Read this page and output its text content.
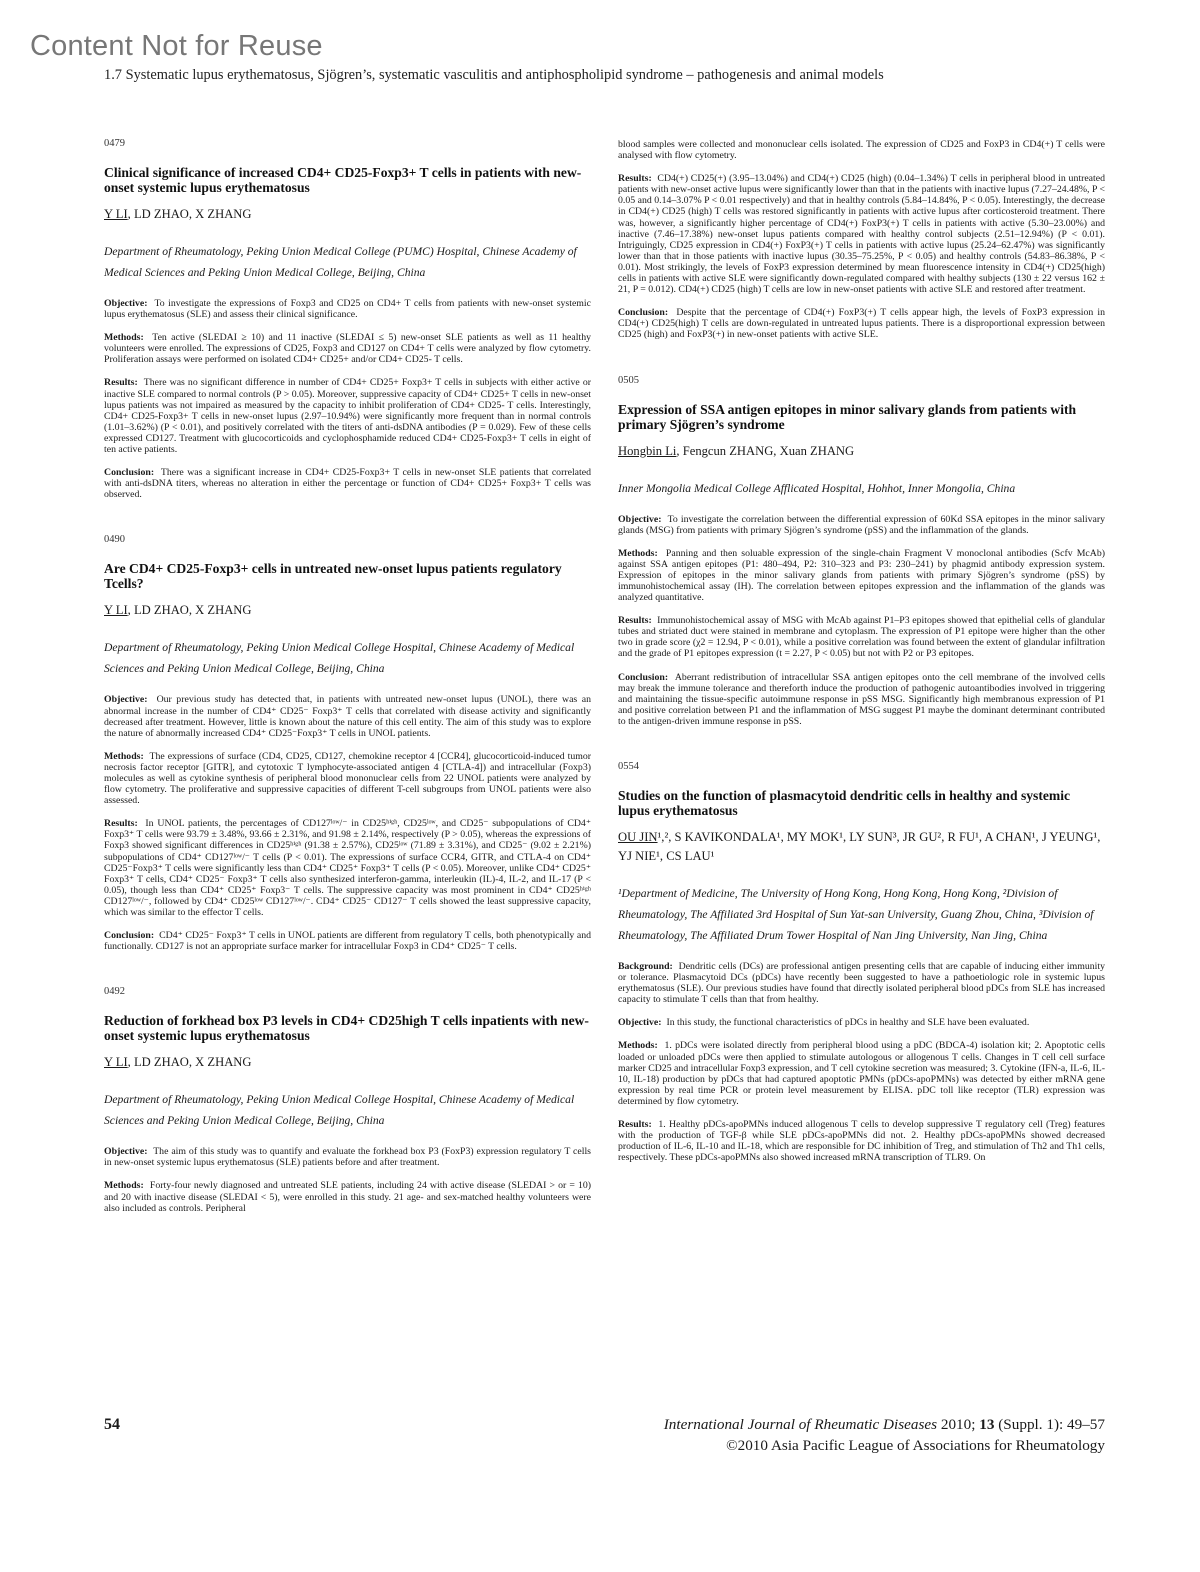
Content Not for Reuse
1.7 Systematic lupus erythematosus, Sjögren’s, systematic vasculitis and antiphospholipid syndrome – pathogenesis and animal models

0479

Clinical significance of increased CD4+ CD25-Foxp3+ T cells in patients with new-onset systemic lupus erythematosus

Y LI, LD ZHAO, X ZHANG

Department of Rheumatology, Peking Union Medical College (PUMC) Hospital, Chinese Academy of Medical Sciences and Peking Union Medical College, Beijing, China

Objective: To investigate the expressions of Foxp3 and CD25 on CD4+ T cells from patients with new-onset systemic lupus erythematosus (SLE) and assess their clinical significance.

Methods: Ten active (SLEDAI ≥ 10) and 11 inactive (SLEDAI ≤ 5) new-onset SLE patients as well as 11 healthy volunteers were enrolled. The expressions of CD25, Foxp3 and CD127 on CD4+ T cells were analyzed by flow cytometry. Proliferation assays were performed on isolated CD4+ CD25+ and/or CD4+ CD25- T cells.

Results: There was no significant difference in number of CD4+ CD25+ Foxp3+ T cells in subjects with either active or inactive SLE compared to normal controls (P > 0.05). Moreover, suppressive capacity of CD4+ CD25+ T cells in new-onset lupus patients was not impaired as measured by the capacity to inhibit proliferation of CD4+ CD25- T cells. Interestingly, CD4+ CD25-Foxp3+ T cells in new-onset lupus (2.97–10.94%) were significantly more frequent than in normal controls (1.01–3.62%) (P < 0.01), and positively correlated with the titers of anti-dsDNA antibodies (P = 0.029). Few of these cells expressed CD127. Treatment with glucocorticoids and cyclophosphamide reduced CD4+ CD25-Foxp3+ T cells in eight of ten active patients.

Conclusion: There was a significant increase in CD4+ CD25-Foxp3+ T cells in new-onset SLE patients that correlated with anti-dsDNA titers, whereas no alteration in either the percentage or function of CD4+ CD25+ Foxp3+ T cells was observed.

0490

Are CD4+ CD25-Foxp3+ cells in untreated new-onset lupus patients regulatory Tcells?

Y LI, LD ZHAO, X ZHANG

Department of Rheumatology, Peking Union Medical College Hospital, Chinese Academy of Medical Sciences and Peking Union Medical College, Beijing, China

Objective: Our previous study has detected that, in patients with untreated new-onset lupus (UNOL), there was an abnormal increase in the number of CD4⁺ CD25⁻ Foxp3⁺ T cells that correlated with disease activity and significantly decreased after treatment. However, little is known about the nature of this cell entity. The aim of this study was to explore the nature of abnormally increased CD4⁺ CD25⁻Foxp3⁺ T cells in UNOL patients.

Methods: The expressions of surface (CD4, CD25, CD127, chemokine receptor 4 [CCR4], glucocorticoid-induced tumor necrosis factor receptor [GITR], and cytotoxic T lymphocyte-associated antigen 4 [CTLA-4]) and intracellular (Foxp3) molecules as well as cytokine synthesis of peripheral blood mononuclear cells from 22 UNOL patients were analyzed by flow cytometry. The proliferative and suppressive capacities of different T-cell subgroups from UNOL patients were also assessed.

Results: In UNOL patients, the percentages of CD127ˡᵒʷ/⁻ in CD25ʰⁱᵍʰ, CD25ˡᵒʷ, and CD25⁻ subpopulations of CD4⁺ Foxp3⁺ T cells were 93.79 ± 3.48%, 93.66 ± 2.31%, and 91.98 ± 2.14%, respectively (P > 0.05), whereas the expressions of Foxp3 showed significant differences in CD25ʰⁱᵍʰ (91.38 ± 2.57%), CD25ˡᵒʷ (71.89 ± 3.31%), and CD25⁻ (9.02 ± 2.21%) subpopulations of CD4⁺ CD127ˡᵒʷ/⁻ T cells (P < 0.01). The expressions of surface CCR4, GITR, and CTLA-4 on CD4⁺ CD25⁻Foxp3⁺ T cells were significantly less than CD4⁺ CD25⁺ Foxp3⁺ T cells (P < 0.05). Moreover, unlike CD4⁺ CD25⁺ Foxp3⁺ T cells, CD4⁺ CD25⁻ Foxp3⁺ T cells also synthesized interferon-gamma, interleukin (IL)-4, IL-2, and IL-17 (P < 0.05), though less than CD4⁺ CD25⁺ Foxp3⁻ T cells. The suppressive capacity was most prominent in CD4⁺ CD25ʰⁱᵍʰ CD127ˡᵒʷ/⁻, followed by CD4⁺ CD25ˡᵒʷ CD127ˡᵒʷ/⁻. CD4⁺ CD25⁻ CD127⁻ T cells showed the least suppressive capacity, which was similar to the effector T cells.

Conclusion: CD4⁺ CD25⁻ Foxp3⁺ T cells in UNOL patients are different from regulatory T cells, both phenotypically and functionally. CD127 is not an appropriate surface marker for intracellular Foxp3 in CD4⁺ CD25⁻ T cells.

0492

Reduction of forkhead box P3 levels in CD4+ CD25high T cells inpatients with new-onset systemic lupus erythematosus

Y LI, LD ZHAO, X ZHANG

Department of Rheumatology, Peking Union Medical College Hospital, Chinese Academy of Medical Sciences and Peking Union Medical College, Beijing, China

Objective: The aim of this study was to quantify and evaluate the forkhead box P3 (FoxP3) expression regulatory T cells in new-onset systemic lupus erythematosus (SLE) patients before and after treatment.

Methods: Forty-four newly diagnosed and untreated SLE patients, including 24 with active disease (SLEDAI > or = 10) and 20 with inactive disease (SLEDAI < 5), were enrolled in this study. 21 age- and sex-matched healthy volunteers were also included as controls. Peripheral

blood samples were collected and mononuclear cells isolated. The expression of CD25 and FoxP3 in CD4(+) T cells were analysed with flow cytometry.

Results: CD4(+) CD25(+) (3.95–13.04%) and CD4(+) CD25 (high) (0.04–1.34%) T cells in peripheral blood in untreated patients with new-onset active lupus were significantly lower than that in the patients with inactive lupus (7.27–24.48%, P < 0.05 and 0.14–3.07% P < 0.01 respectively) and that in healthy controls (5.84–14.84%, P < 0.05). Interestingly, the decrease in CD4(+) CD25 (high) T cells was restored significantly in patients with active lupus after corticosteroid treatment. There was, however, a significantly higher percentage of CD4(+) FoxP3(+) T cells in patients with active (5.30–23.00%) and inactive (7.46–17.38%) new-onset lupus patients compared with healthy control subjects (2.51–12.94%) (P < 0.01). Intriguingly, CD25 expression in CD4(+) FoxP3(+) T cells in patients with active lupus (25.24–62.47%) was significantly lower than that in those patients with inactive lupus (30.35–75.25%, P < 0.05) and healthy controls (54.83–86.38%, P < 0.01). Most strikingly, the levels of FoxP3 expression determined by mean fluorescence intensity in CD4(+) CD25(high) cells in patients with active SLE were significantly down-regulated compared with healthy subjects (130 ± 22 versus 162 ± 21, P = 0.012). CD4(+) CD25 (high) T cells are low in new-onset patients with active SLE and restored after treatment.

Conclusion: Despite that the percentage of CD4(+) FoxP3(+) T cells appear high, the levels of FoxP3 expression in CD4(+) CD25(high) T cells are down-regulated in untreated lupus patients. There is a disproportional expression between CD25 (high) and FoxP3(+) in new-onset patients with active SLE.

0505

Expression of SSA antigen epitopes in minor salivary glands from patients with primary Sjögren’s syndrome

Hongbin Li, Fengcun ZHANG, Xuan ZHANG

Inner Mongolia Medical College Afflicated Hospital, Hohhot, Inner Mongolia, China

Objective: To investigate the correlation between the differential expression of 60Kd SSA epitopes in the minor salivary glands (MSG) from patients with primary Sjögren’s syndrome (pSS) and the inflammation of the glands.

Methods: Panning and then soluable expression of the single-chain Fragment V monoclonal antibodies (Scfv McAb) against SSA antigen epitopes (P1: 480–494, P2: 310–323 and P3: 230–241) by phagmid antibody expression system. Expression of epitopes in the minor salivary glands from patients with primary Sjögren’s syndrome (pSS) by immunohistochemical assay (IH). The correlation between epitopes expression and the inflammation of the glands was analyzed quantitative.

Results: Immunohistochemical assay of MSG with McAb against P1–P3 epitopes showed that epithelial cells of glandular tubes and striated duct were stained in membrane and cytoplasm. The expression of P1 epitope were higher than the other two in grade score (χ2 = 12.94, P < 0.01), while a positive correlation was found between the extent of glandular infiltration and the grade of P1 epitopes expression (t = 2.27, P < 0.05) but not with P2 or P3 epitopes.

Conclusion: Aberrant redistribution of intracellular SSA antigen epitopes onto the cell membrane of the involved cells may break the immune tolerance and thereforth induce the production of pathogenic autoantibodies involved in triggering and maintaining the tissue-specific autoimmune response in pSS MSG. Significantly high membranous expression of P1 and positive correlation between P1 and the inflammation of MSG suggest P1 maybe the dominant determinant contributed to the antigen-driven immune response in pSS.

0554

Studies on the function of plasmacytoid dendritic cells in healthy and systemic lupus erythematosus

OU JIN¹,², S KAVIKONDALA¹, MY MOK¹, LY SUN³, JR GU², R FU¹, A CHAN¹, J YEUNG¹, YJ NIE¹, CS LAU¹

¹Department of Medicine, The University of Hong Kong, Hong Kong, Hong Kong, ²Division of Rheumatology, The Affiliated 3rd Hospital of Sun Yat-san University, Guang Zhou, China, ³Division of Rheumatology, The Affiliated Drum Tower Hospital of Nan Jing University, Nan Jing, China

Background: Dendritic cells (DCs) are professional antigen presenting cells that are capable of inducing either immunity or tolerance. Plasmacytoid DCs (pDCs) have recently been suggested to have a pathoetiologic role in systemic lupus erythematosus (SLE). Our previous studies have found that directly isolated peripheral blood pDCs from SLE has increased capacity to stimulate T cells than that from healthy.

Objective: In this study, the functional characteristics of pDCs in healthy and SLE have been evaluated.

Methods: 1. pDCs were isolated directly from peripheral blood using a pDC (BDCA-4) isolation kit; 2. Apoptotic cells loaded or unloaded pDCs were then applied to stimulate autologous or allogenous T cells. Changes in T cell cell surface marker CD25 and intracellular Foxp3 expression, and T cell cytokine secretion was measured; 3. Cytokine (IFN-a, IL-6, IL-10, IL-18) production by pDCs that had captured apoptotic PMNs (pDCs-apoPMNs) was detected by either mRNA gene expression by real time PCR or protein level measurement by ELISA. pDC toll like receptor (TLR) expression was determined by flow cytometry.

Results: 1. Healthy pDCs-apoPMNs induced allogenous T cells to develop suppressive T regulatory cell (Treg) features with the production of TGF-β while SLE pDCs-apoPMNs did not. 2. Healthy pDCs-apoPMNs showed decreased production of IL-6, IL-10 and IL-18, which are responsible for DC inhibition of Treg, and stimulation of Th2 and Th1 cells, respectively. These pDCs-apoPMNs also showed increased mRNA transcription of TLR9. On

54	International Journal of Rheumatic Diseases 2010; 13 (Suppl. 1): 49–57
©2010 Asia Pacific League of Associations for Rheumatology
